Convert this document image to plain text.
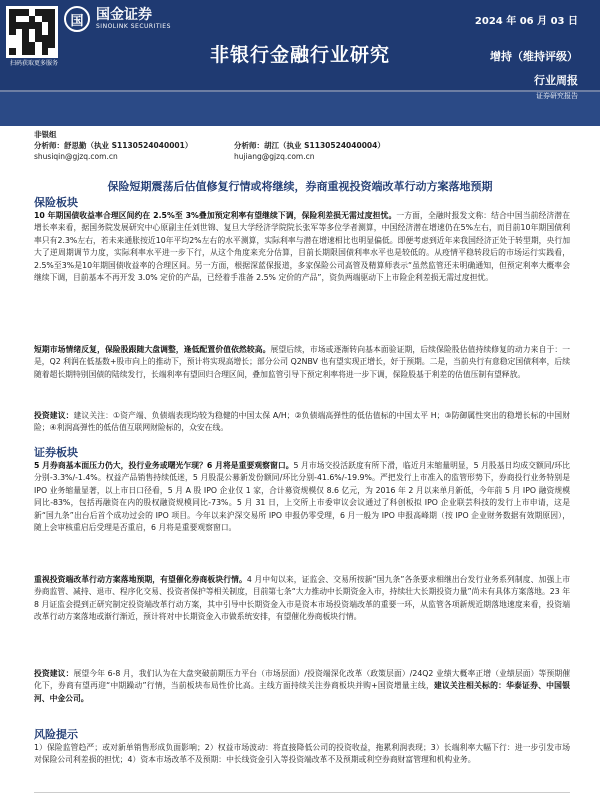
扫码获取更多服务
国 国金证券
SINOLINK SECURITIES	2024 年 06 月 03 日
非银行金融行业研究	增持（维持评级）
行业周报
证券研究报告
非银组
分析师：舒思勤（执业 S1130524040001）	分析师：胡江（执业 S1130524040004）
shusiqin@gjzq.com.cn	hujiang@gjzq.com.cn
保险短期震荡后估值修复行情或将继续，券商重视投资端改革行动方案落地预期
保险板块
10 年期国债收益率合理区间约在 2.5%至 3%叠加预定利率有望继续下调，保险利差损无需过度担忧。一方面，全融时报发文称：结合中国当前经济潜在增长率来看，据国务院发展研究中心原副主任刘世锦、复旦大学经济学院院长张军等多位学者测算，中国经济潜在增速仍在5%左右，而目前10年期国债利率只有2.3%左右，若未来通胀按近10年平均2%左右的水平测算，实际利率与潜在增速相比也明显偏低。即便考虑到近年来我国经济正处于转型期，央行加大了逆周期调节力度，实际利率水平进一步下行，从这个角度来充分估算，目前长期限国债利率水平也是较低的。从疫情平稳转段后的市场运行实践看，2.5%至3%是10年期国债收益率的合理区间。另一方面，根据深蓝保报道，多家保险公司高管及精算师表示“虽然监管还未明确通知，但预定利率大概率会继续下调，目前基本不再开发 3.0% 定价的产品，已经着手准备 2.5% 定价的产品”，资负两端驱动下上市险企利差损无需过度担忧。
短期市场情绪反复，保险股跟随大盘调整，逢低配置价值依然较高。展望后续，市场或逐渐转向基本面验证期，后续保险股估值持续修复的动力来自于：一是，Q2 利润在低基数+股市向上的推动下，预计将实现高增长；部分公司 Q2NBV 也有望实现正增长，好于预期。二是，当前央行有意稳定国债利率，后续随着超长期特别国债的陆续发行，长端利率有望回归合理区间，叠加监管引导下预定利率将进一步下调，保险股基于利差的估值压制有望释放。
投资建议：建议关注：①资产端、负债端表现均较为稳健的中国太保 A/H；②负债端高弹性的低估值标的中国太平 H；③防御属性突出的稳增长标的中国财险；④利润高弹性的低估值互联网财险标的，众安在线。
证券板块
5 月券商基本面压力仍大，投行业务或曙光乍现？6 月将是重要观察窗口。5 月市场交投活跃度有所下滑，临近月末缩量明显，5 月股基日均成交额同/环比分别-3.3%/-1.4%。权益产品销售持续低迷，5 月股混公募新发份额同/环比分别-41.6%/-19.9%。严把发行上市准入的监管形势下，券商投行业务特别是 IPO 业务缩量显著，以上市日口径看，5 月 A 股 IPO 企业仅 1 家，合计募资规模仅 8.6 亿元，为 2016 年 2 月以来单月新低，今年前 5 月 IPO 融资规模同比-83%，包括再融资在内的股权融资规模同比-73%。5 月 31 日，上交所上市委审议会议通过了科创板拟 IPO 企业联芸科技的发行上市申请，这是新“国九条”出台后首个成功过会的 IPO 项目。今年以来沪深交易所 IPO 申报仍零受理，6 月一般为 IPO 申报高峰期（按 IPO 企业财务数据有效期原因），随上会审核重启后受理是否重启，6 月将是重要观察窗口。
重视投资端改革行动方案落地预期，有望催化券商板块行情。4 月中旬以来，证监会、交易所按新“国九条”各条要求相继出台发行业务系列制度、加强上市券商监管、减持、退市、程序化交易、投资者保护等相关制度，目前第七条“大力推动中长期资金入市，持续壮大长期投资力量”尚未有具体方案落地。23 年 8 月证监会提到正研究制定投资端改革行动方案，其中引导中长期资金入市是资本市场投资端改革的重要一环，从监管各项新规近期落地速度来看，投资端改革行动方案落地或渐行渐近，预计将对中长期资金入市做系统安排，有望催化券商板块行情。
投资建议：展望今年 6-8 月，我们认为在大盘突破前期压力平台（市场层面）/投资端深化改革（政策层面）/24Q2 业绩大概率正增（业绩层面）等预期催化下，券商有望再迎“中期躁动”行情，当前板块布局性价比高。主线方面持续关注券商板块并购+国资增量主线，建议关注相关标的：华泰证券、中国银河、中金公司。
风险提示
1）保险监管趋严；或对新单销售形成负面影响；2）权益市场波动：将直接降低公司的投资收益，拖累利润表现；3）长端利率大幅下行：进一步引发市场对保险公司利差损的担忧；4）资本市场改革不及预期：中长线资金引入等投资端改革不及预期或利空券商财富管理和机构业务。
